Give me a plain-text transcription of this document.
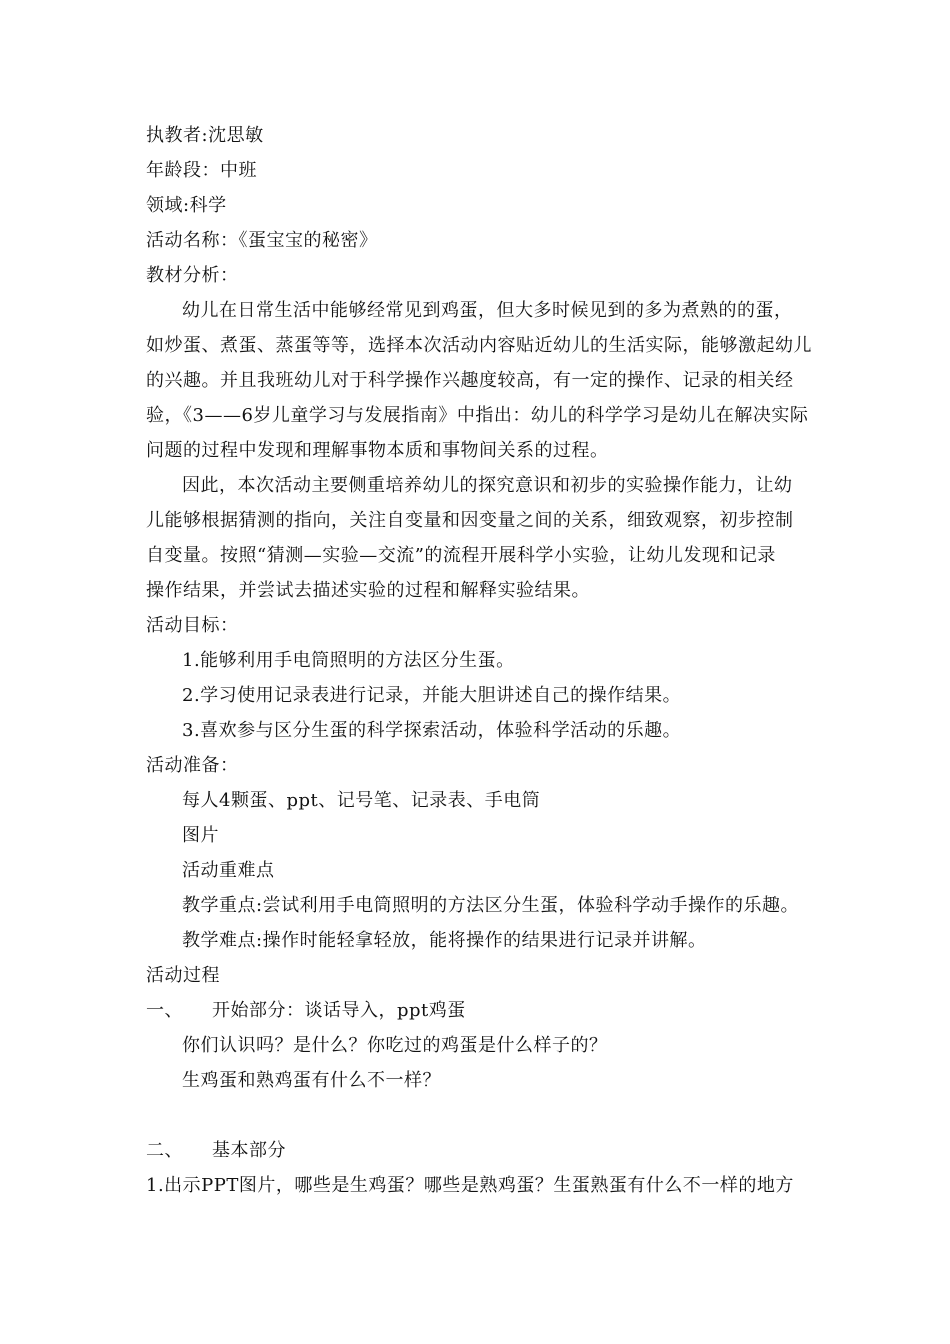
执教者:沈思敏
年龄段：中班
领域:科学
活动名称：《蛋宝宝的秘密》
教材分析：
幼儿在日常生活中能够经常见到鸡蛋，但大多时候见到的多为煮熟的的蛋，
如炒蛋、煮蛋、蒸蛋等等，选择本次活动内容贴近幼儿的生活实际，能够激起幼儿
的兴趣。并且我班幼儿对于科学操作兴趣度较高，有一定的操作、记录的相关经
验，《3——6岁儿童学习与发展指南》中指出：幼儿的科学学习是幼儿在解决实际
问题的过程中发现和理解事物本质和事物间关系的过程。
因此，本次活动主要侧重培养幼儿的探究意识和初步的实验操作能力，让幼
儿能够根据猜测的指向，关注自变量和因变量之间的关系，细致观察，初步控制
自变量。按照“猜测—实验—交流”的流程开展科学小实验，让幼儿发现和记录
操作结果，并尝试去描述实验的过程和解释实验结果。
活动目标：
1.能够利用手电筒照明的方法区分生蛋。
2.学习使用记录表进行记录，并能大胆讲述自己的操作结果。
3.喜欢参与区分生蛋的科学探索活动，体验科学活动的乐趣。
活动准备：
每人4颗蛋、ppt、记号笔、记录表、手电筒
图片
活动重难点
教学重点:尝试利用手电筒照明的方法区分生蛋，体验科学动手操作的乐趣。
教学难点:操作时能轻拿轻放，能将操作的结果进行记录并讲解。
活动过程
一、 开始部分：谈话导入，ppt鸡蛋
你们认识吗？是什么？你吃过的鸡蛋是什么样子的？
生鸡蛋和熟鸡蛋有什么不一样？
二、 基本部分
1.出示PPT图片，哪些是生鸡蛋？哪些是熟鸡蛋？生蛋熟蛋有什么不一样的地方
